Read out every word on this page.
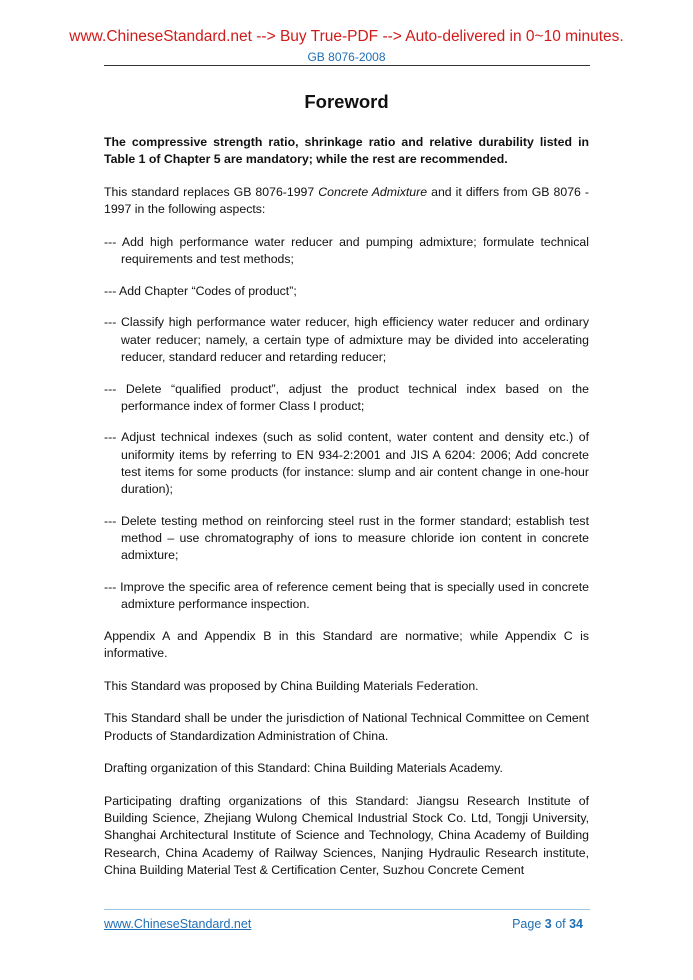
www.ChineseStandard.net --> Buy True-PDF --> Auto-delivered in 0~10 minutes.
GB 8076-2008
Foreword

The compressive strength ratio, shrinkage ratio and relative durability listed in Table 1 of Chapter 5 are mandatory; while the rest are recommended.

This standard replaces GB 8076-1997 Concrete Admixture and it differs from GB 8076 - 1997 in the following aspects:

--- Add high performance water reducer and pumping admixture; formulate technical requirements and test methods;

--- Add Chapter “Codes of product”;

--- Classify high performance water reducer, high efficiency water reducer and ordinary water reducer; namely, a certain type of admixture may be divided into accelerating reducer, standard reducer and retarding reducer;

--- Delete “qualified product”, adjust the product technical index based on the performance index of former Class I product;

--- Adjust technical indexes (such as solid content, water content and density etc.) of uniformity items by referring to EN 934-2:2001 and JIS A 6204: 2006; Add concrete test items for some products (for instance: slump and air content change in one-hour duration);

--- Delete testing method on reinforcing steel rust in the former standard; establish test method – use chromatography of ions to measure chloride ion content in concrete admixture;

--- Improve the specific area of reference cement being that is specially used in concrete admixture performance inspection.

Appendix A and Appendix B in this Standard are normative; while Appendix C is informative.

This Standard was proposed by China Building Materials Federation.

This Standard shall be under the jurisdiction of National Technical Committee on Cement Products of Standardization Administration of China.

Drafting organization of this Standard: China Building Materials Academy.

Participating drafting organizations of this Standard: Jiangsu Research Institute of Building Science, Zhejiang Wulong Chemical Industrial Stock Co. Ltd, Tongji University, Shanghai Architectural Institute of Science and Technology, China Academy of Building Research, China Academy of Railway Sciences, Nanjing Hydraulic Research institute, China Building Material Test & Certification Center, Suzhou Concrete Cement

www.ChineseStandard.net	Page 3 of 34
